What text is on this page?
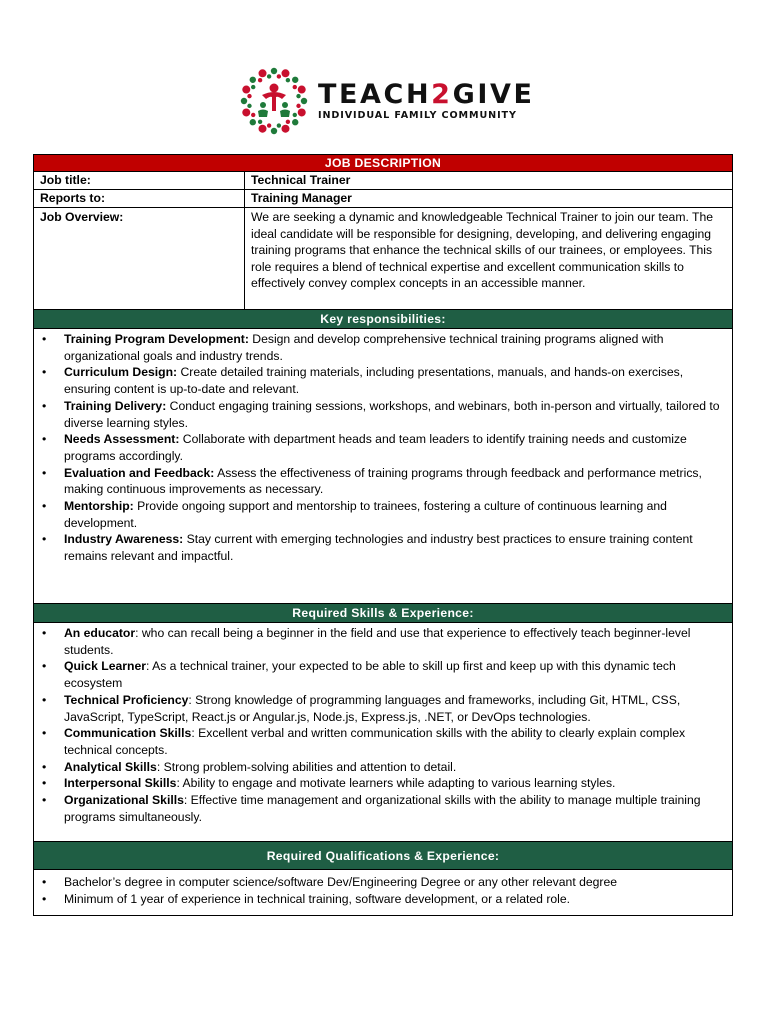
TEACH2GIVE
INDIVIDUAL FAMILY COMMUNITY
JOB DESCRIPTION
Job title:	Technical Trainer
Reports to:	Training Manager
Job Overview:	We are seeking a dynamic and knowledgeable Technical Trainer to join our team. The ideal candidate will be responsible for designing, developing, and delivering engaging training programs that enhance the technical skills of our trainees, or employees. This role requires a blend of technical expertise and excellent communication skills to effectively convey complex concepts in an accessible manner.
Key responsibilities:
• Training Program Development: Design and develop comprehensive technical training programs aligned with organizational goals and industry trends.
• Curriculum Design: Create detailed training materials, including presentations, manuals, and hands-on exercises, ensuring content is up-to-date and relevant.
• Training Delivery: Conduct engaging training sessions, workshops, and webinars, both in-person and virtually, tailored to diverse learning styles.
• Needs Assessment: Collaborate with department heads and team leaders to identify training needs and customize programs accordingly.
• Evaluation and Feedback: Assess the effectiveness of training programs through feedback and performance metrics, making continuous improvements as necessary.
• Mentorship: Provide ongoing support and mentorship to trainees, fostering a culture of continuous learning and development.
• Industry Awareness: Stay current with emerging technologies and industry best practices to ensure training content remains relevant and impactful.
Required Skills & Experience:
• An educator: who can recall being a beginner in the field and use that experience to effectively teach beginner-level students.
• Quick Learner: As a technical trainer, your expected to be able to skill up first and keep up with this dynamic tech ecosystem
• Technical Proficiency: Strong knowledge of programming languages and frameworks, including Git, HTML, CSS, JavaScript, TypeScript, React.js or Angular.js, Node.js, Express.js, .NET, or DevOps technologies.
• Communication Skills: Excellent verbal and written communication skills with the ability to clearly explain complex technical concepts.
• Analytical Skills: Strong problem-solving abilities and attention to detail.
• Interpersonal Skills: Ability to engage and motivate learners while adapting to various learning styles.
• Organizational Skills: Effective time management and organizational skills with the ability to manage multiple training programs simultaneously.
Required Qualifications & Experience:
• Bachelor’s degree in computer science/software Dev/Engineering Degree or any other relevant degree
• Minimum of 1 year of experience in technical training, software development, or a related role.
